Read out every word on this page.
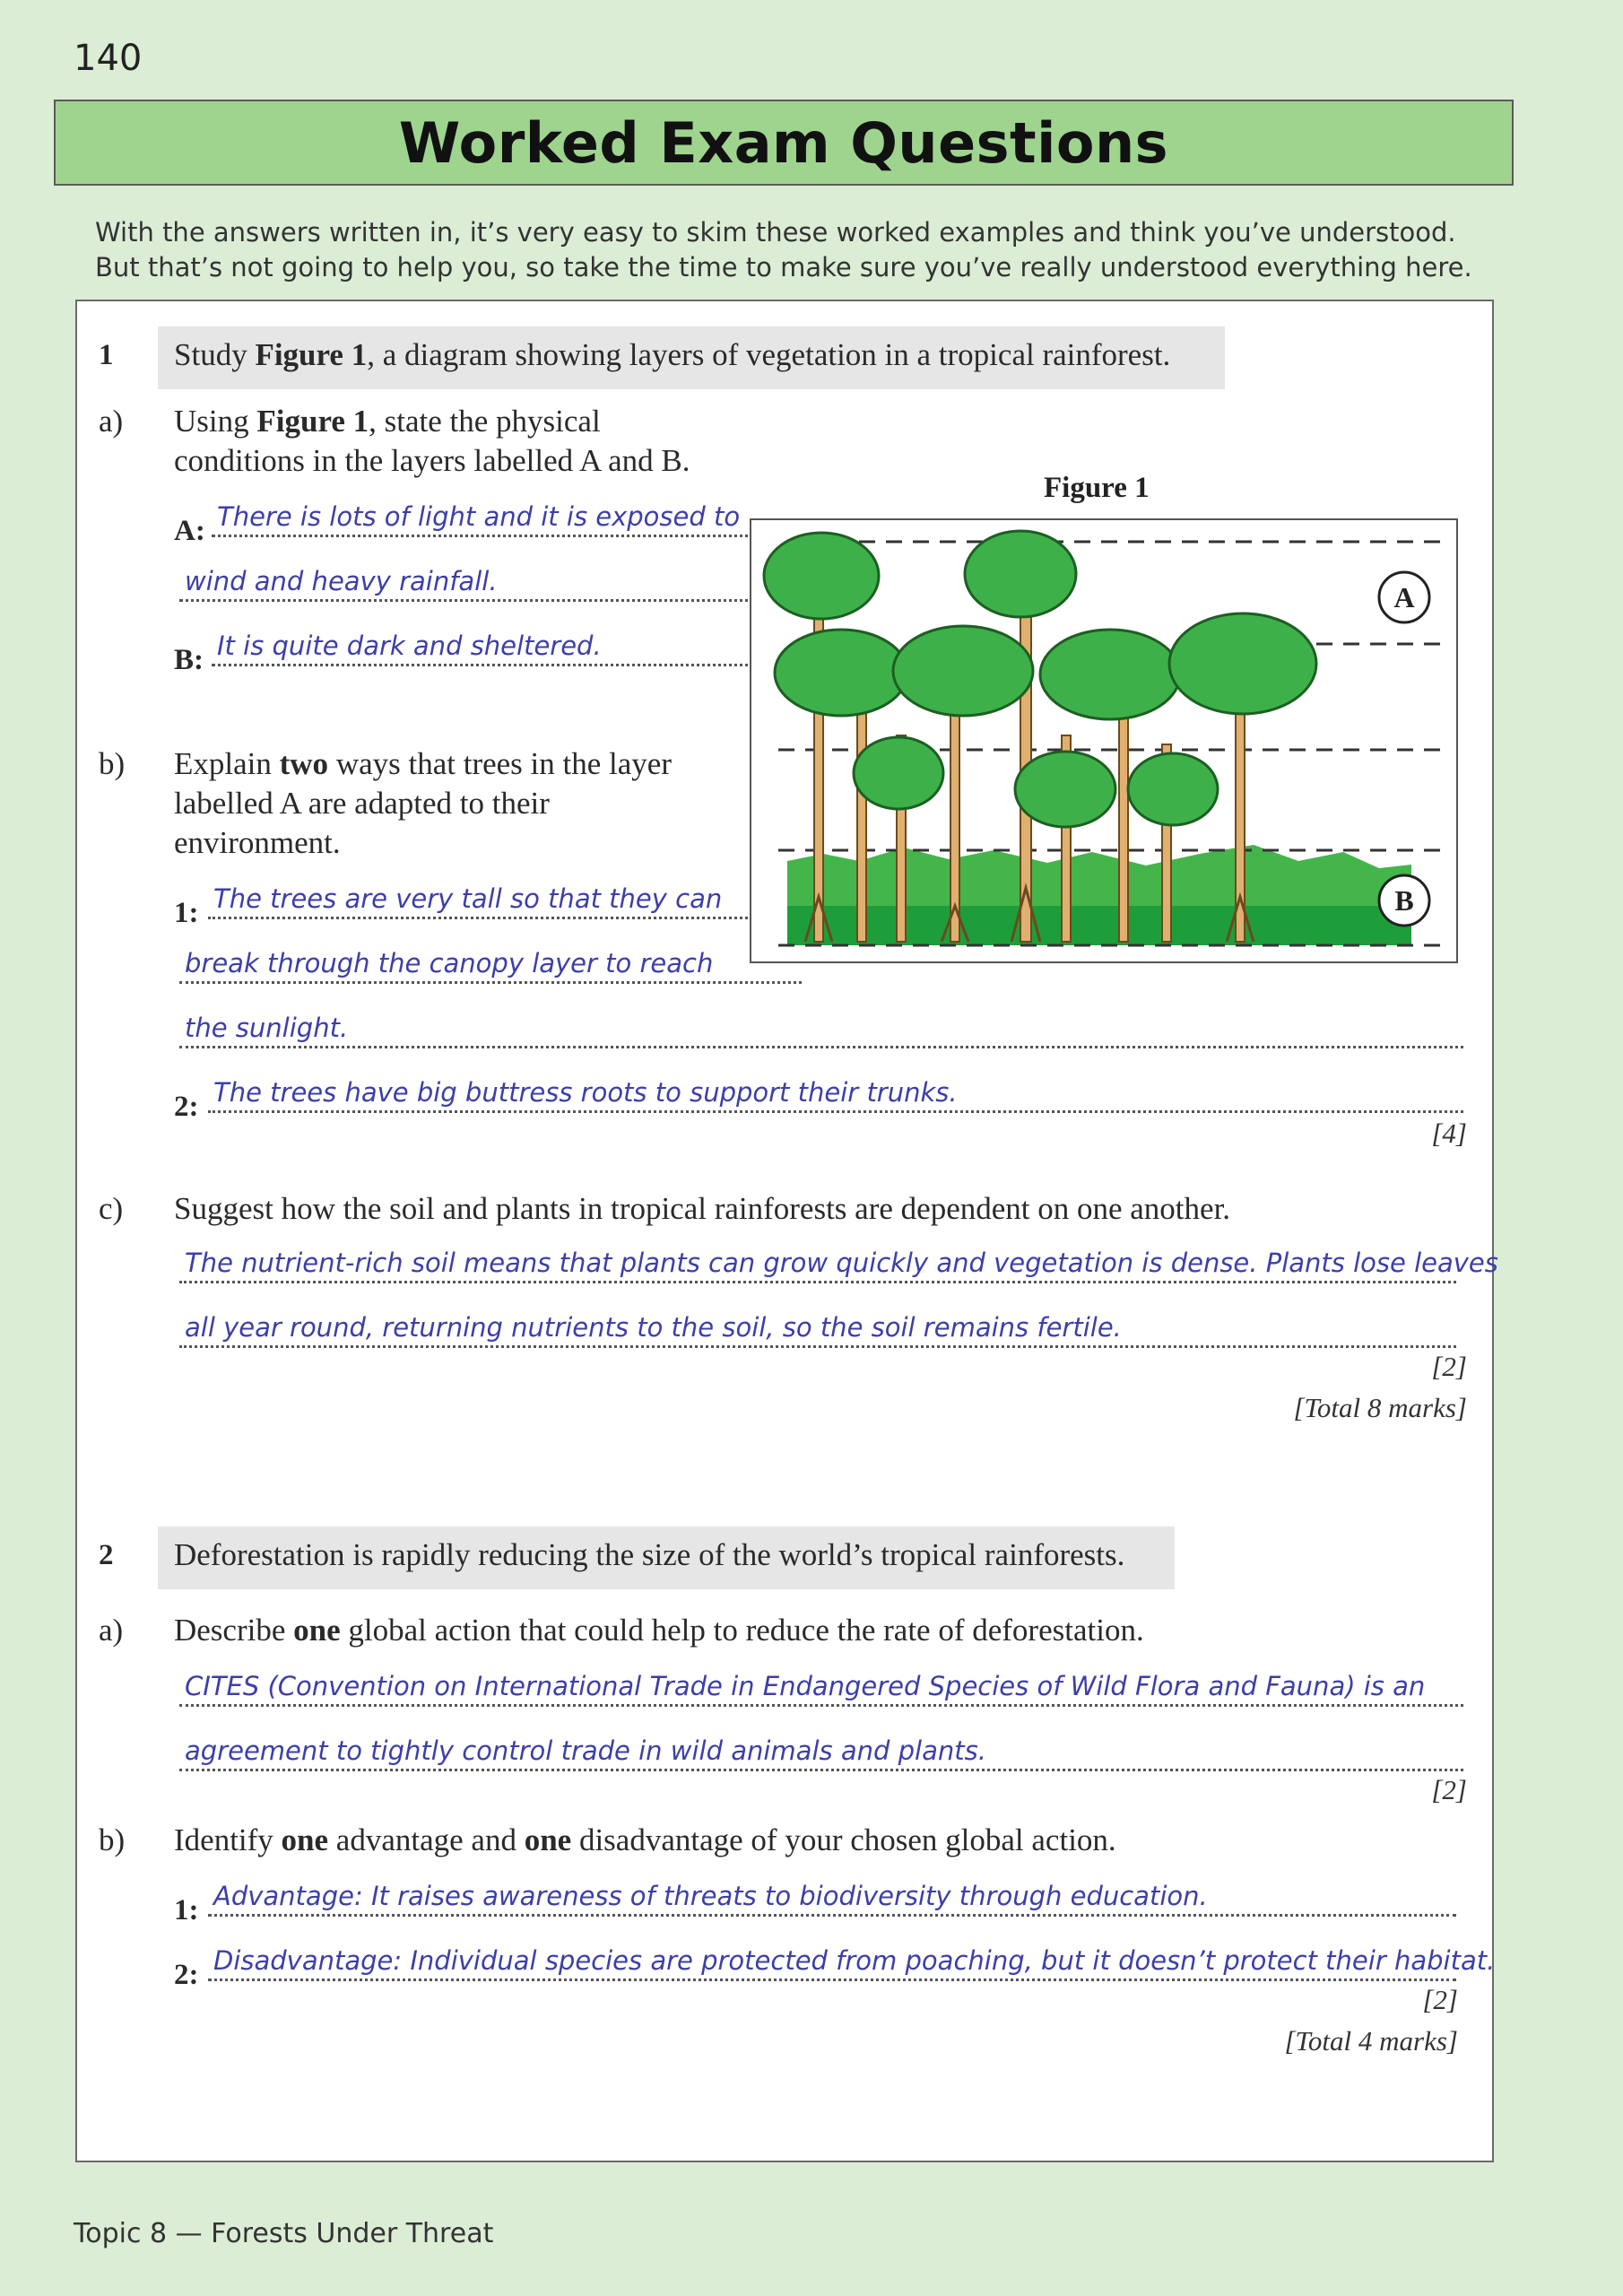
140
Worked Exam Questions
With the answers written in, it’s very easy to skim these worked examples and think you’ve understood.
But that’s not going to help you, so take the time to make sure you’ve really understood everything here.
1 Study Figure 1, a diagram showing layers of vegetation in a tropical rainforest.
a) Using Figure 1, state the physical
conditions in the layers labelled A and B.
A: There is lots of light and it is exposed to
wind and heavy rainfall.
B: It is quite dark and sheltered.
b) Explain two ways that trees in the layer
labelled A are adapted to their
environment.
1: The trees are very tall so that they can
break through the canopy layer to reach
the sunlight.
2: The trees have big buttress roots to support their trunks.
[4]
c) Suggest how the soil and plants in tropical rainforests are dependent on one another.
The nutrient-rich soil means that plants can grow quickly and vegetation is dense. Plants lose leaves
all year round, returning nutrients to the soil, so the soil remains fertile.
[2]
[Total 8 marks]
Figure 1
A
B
2 Deforestation is rapidly reducing the size of the world’s tropical rainforests.
a) Describe one global action that could help to reduce the rate of deforestation.
CITES (Convention on International Trade in Endangered Species of Wild Flora and Fauna) is an
agreement to tightly control trade in wild animals and plants.
[2]
b) Identify one advantage and one disadvantage of your chosen global action.
1: Advantage: It raises awareness of threats to biodiversity through education.
2: Disadvantage: Individual species are protected from poaching, but it doesn’t protect their habitat.
[2]
[Total 4 marks]
Topic 8 — Forests Under Threat
